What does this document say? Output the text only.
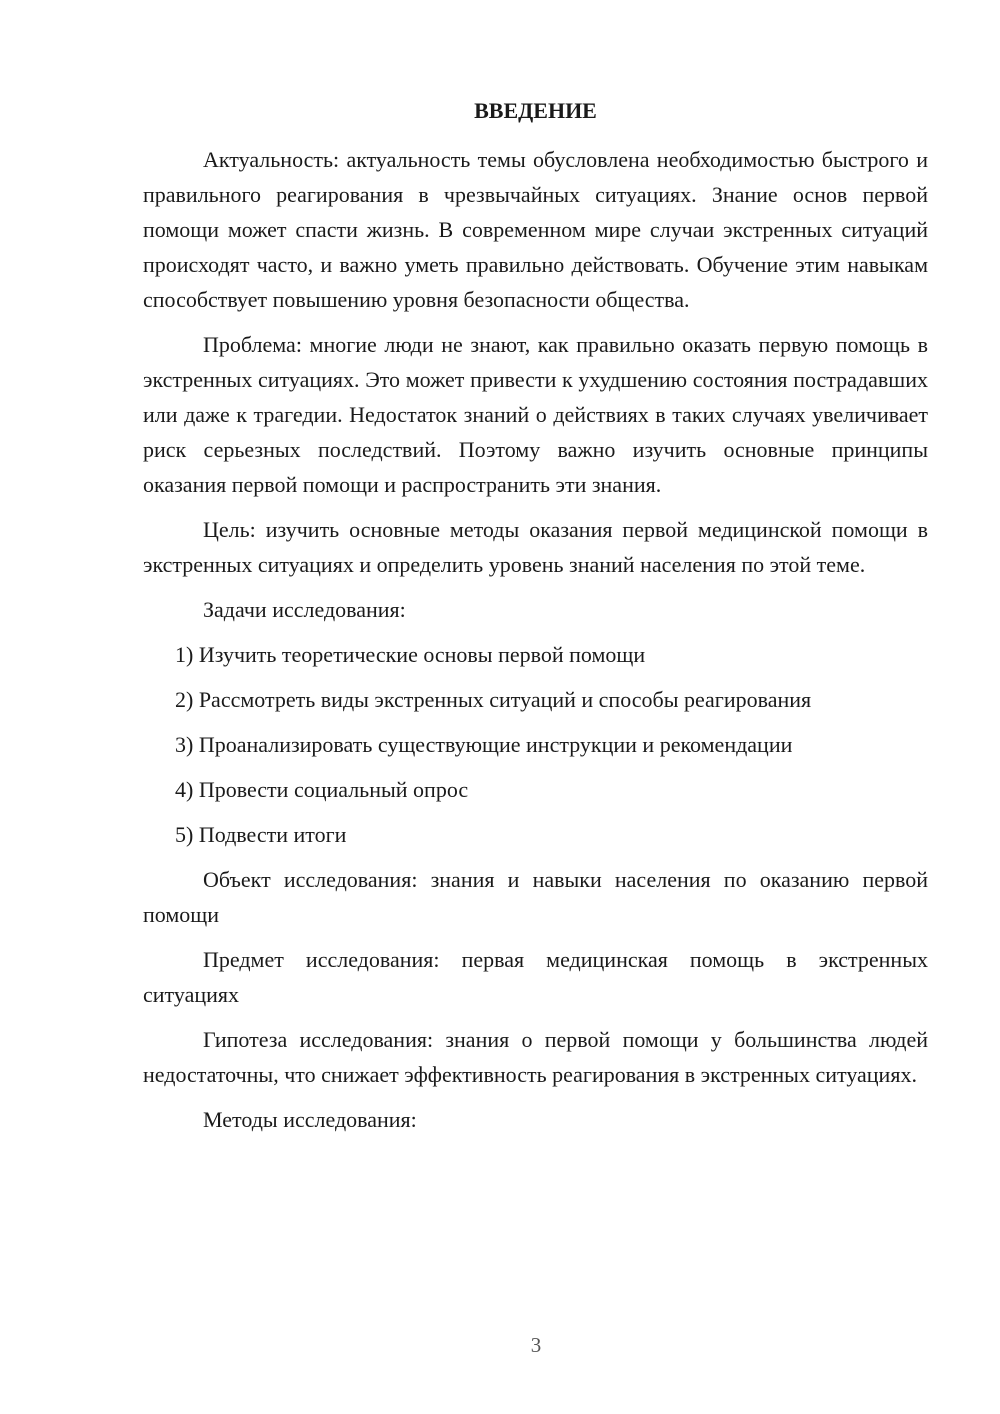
ВВЕДЕНИЕ

Актуальность: актуальность темы обусловлена необходимостью быстрого и правильного реагирования в чрезвычайных ситуациях. Знание основ первой помощи может спасти жизнь. В современном мире случаи экстренных ситуаций происходят часто, и важно уметь правильно действовать. Обучение этим навыкам способствует повышению уровня безопасности общества.

Проблема: многие люди не знают, как правильно оказать первую помощь в экстренных ситуациях. Это может привести к ухудшению состояния пострадавших или даже к трагедии. Недостаток знаний о действиях в таких случаях увеличивает риск серьезных последствий. Поэтому важно изучить основные принципы оказания первой помощи и распространить эти знания.

Цель: изучить основные методы оказания первой медицинской помощи в экстренных ситуациях и определить уровень знаний населения по этой теме.

Задачи исследования:

1) Изучить теоретические основы первой помощи
2) Рассмотреть виды экстренных ситуаций и способы реагирования
3) Проанализировать существующие инструкции и рекомендации
4) Провести социальный опрос
5) Подвести итоги

Объект исследования: знания и навыки населения по оказанию первой помощи

Предмет исследования: первая медицинская помощь в экстренных ситуациях

Гипотеза исследования: знания о первой помощи у большинства людей недостаточны, что снижает эффективность реагирования в экстренных ситуациях.

Методы исследования:

3
